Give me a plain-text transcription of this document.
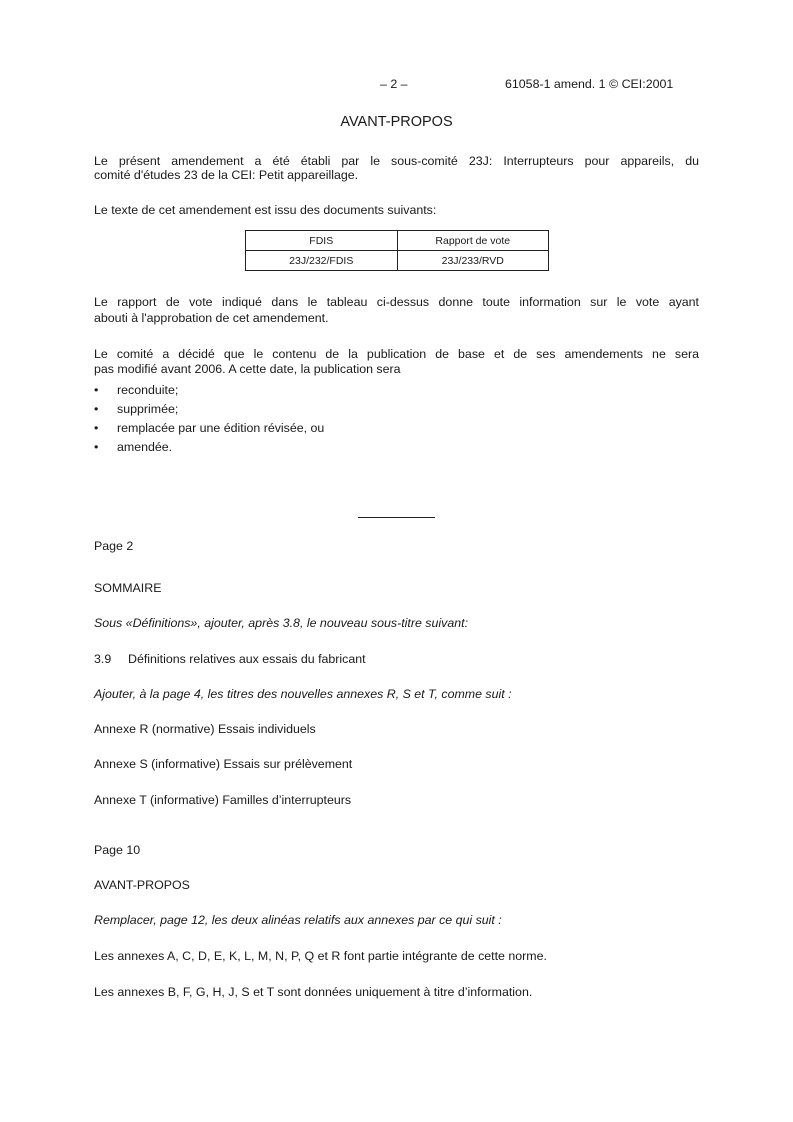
– 2 –	61058-1 amend. 1 © CEI:2001
AVANT-PROPOS
Le présent amendement a été établi par le sous-comité 23J: Interrupteurs pour appareils, du
comité d'études 23 de la CEI: Petit appareillage.
Le texte de cet amendement est issu des documents suivants:
FDIS	Rapport de vote
23J/232/FDIS	23J/233/RVD
Le rapport de vote indiqué dans le tableau ci-dessus donne toute information sur le vote ayant
abouti à l'approbation de cet amendement.
Le comité a décidé que le contenu de la publication de base et de ses amendements ne sera
pas modifié avant 2006. A cette date, la publication sera
• reconduite;
• supprimée;
• remplacée par une édition révisée, ou
• amendée.
Page 2
SOMMAIRE
Sous «Définitions», ajouter, après 3.8, le nouveau sous-titre suivant:
3.9 Définitions relatives aux essais du fabricant
Ajouter, à la page 4, les titres des nouvelles annexes R, S et T, comme suit :
Annexe R (normative) Essais individuels
Annexe S (informative) Essais sur prélèvement
Annexe T (informative) Familles d’interrupteurs
Page 10
AVANT-PROPOS
Remplacer, page 12, les deux alinéas relatifs aux annexes par ce qui suit :
Les annexes A, C, D, E, K, L, M, N, P, Q et R font partie intégrante de cette norme.
Les annexes B, F, G, H, J, S et T sont données uniquement à titre d’information.
